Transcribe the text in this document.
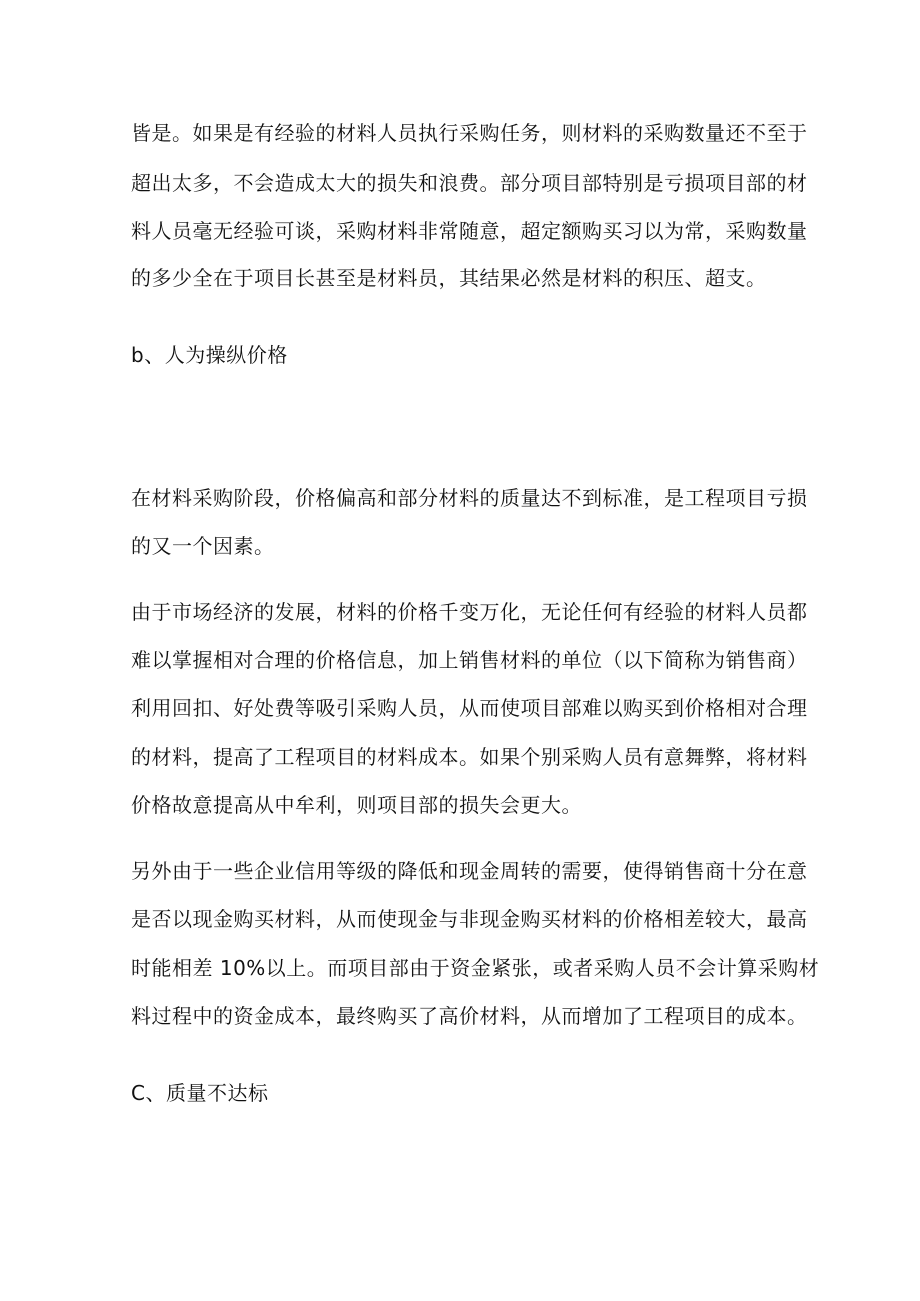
皆是。如果是有经验的材料人员执行采购任务，则材料的采购数量还不至于

超出太多，不会造成太大的损失和浪费。部分项目部特别是亏损项目部的材

料人员毫无经验可谈，采购材料非常随意，超定额购买习以为常，采购数量

的多少全在于项目长甚至是材料员，其结果必然是材料的积压、超支。

b、人为操纵价格

在材料采购阶段，价格偏高和部分材料的质量达不到标准，是工程项目亏损

的又一个因素。

由于市场经济的发展，材料的价格千变万化，无论任何有经验的材料人员都

难以掌握相对合理的价格信息，加上销售材料的单位（以下简称为销售商）

利用回扣、好处费等吸引采购人员，从而使项目部难以购买到价格相对合理

的材料，提高了工程项目的材料成本。如果个别采购人员有意舞弊，将材料

价格故意提高从中牟利，则项目部的损失会更大。

另外由于一些企业信用等级的降低和现金周转的需要，使得销售商十分在意

是否以现金购买材料，从而使现金与非现金购买材料的价格相差较大，最高

时能相差 10%以上。而项目部由于资金紧张，或者采购人员不会计算采购材

料过程中的资金成本，最终购买了高价材料，从而增加了工程项目的成本。

C、质量不达标
